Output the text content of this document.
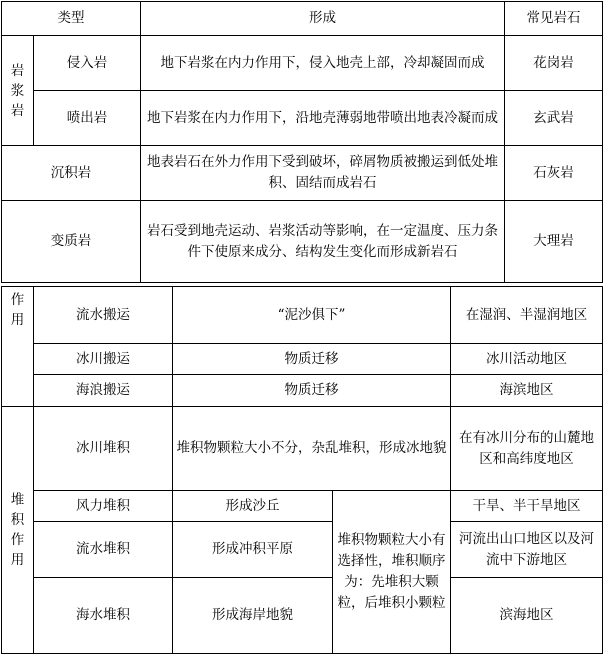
类型		形成	常见岩石

岩
浆
岩	侵入岩	地下岩浆在内力作用下，侵入地壳上部，冷却凝固而成	花岗岩
	喷出岩	地下岩浆在内力作用下，沿地壳薄弱地带喷出地表冷凝而成	玄武岩
沉积岩		地表岩石在外力作用下受到破坏，碎屑物质被搬运到低处堆积、固结而成岩石	石灰岩
变质岩		岩石受到地壳运动、岩浆活动等影响，在一定温度、压力条件下使原来成分、结构发生变化而形成新岩石	大理岩
作
用	流水搬运	“泥沙俱下”		在湿润、半湿润地区
	冰川搬运	物质迁移		冰川活动地区
	海浪搬运	物质迁移		海滨地区

堆
积
作
用	冰川堆积	堆积物颗粒大小不分，杂乱堆积，形成冰地貌		在有冰川分布的山麓地区和高纬度地区
	风力堆积	形成沙丘	堆积物颗粒大小有选择性，堆积顺序为：先堆积大颗粒，后堆积小颗粒	干旱、半干旱地区
	流水堆积	形成冲积平原		河流出山口地区以及河流中下游地区
	海水堆积	形成海岸地貌		滨海地区
